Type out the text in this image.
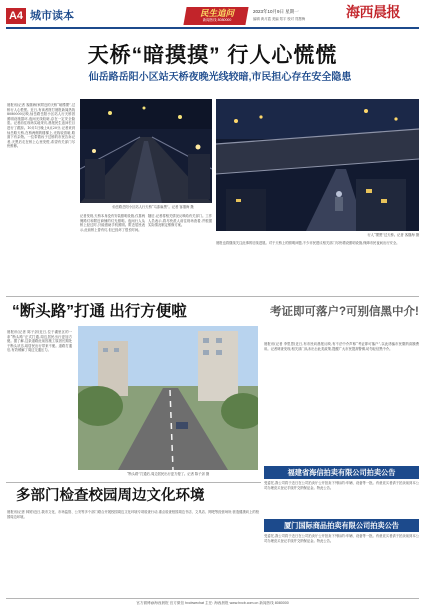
A4 城市读本	民生追问
新闻热线 8080000
2023年10月9日 星期一
编辑 黄月霞 美编 郑宇 校对 郑慧梅	海西晨报
天桥“暗摸摸” 行人心慌慌
仙岳路岳阳小区站天桥夜晚光线较暗,市民担心存在安全隐患
晨报讯(记者 客继海)家附近的天桥“暗摸摸”,过桥行人心慌慌。近日,有读者拨打晨报新闻热线8080000反映,仙岳路岳阳小区站人行天桥因照明设施损坏,夜间光线较暗,存在一定安全隐患。记者前往现场实地采访,晨报民生追问栏目进行了跟踪。10月1日晚上8点20分,记者来到仙岳路天桥,在桥两侧的楼梯上,光线较昏暗,路面下有杂物。一位带着孩子过桥的市民告诉记者,天黑后走在桥上心里发慌,希望有关部门尽快维修。
仙岳路岳阳小区站人行天桥“乌漆麻黑”。记者 客继海 摄
记者发现,天桥本身没有安装照明设施,仅靠两侧路灯和附近商铺的灯光照明。夜间行人从桥上经过时,只能借助手机照明。附近居民表示,此前桥上曾有灯,但已经坏了很长时间。
随后,记者将相关情况反映给有关部门。工作人员表示,将尽快派人前往现场查看,并根据实际情况制定维修方案。
行人“摸黑”过天桥。记者 客继海 摄
晨报也将继续关注此事的后续进展。对于天桥上的照明问题,不少市民建议相关部门尽快增设照明设施,保障市民夜间出行安全。
“断头路”打通 出行方便啦
晨报讯(记者 陈子剑)近日,位于湖里区的一条“断头路”正式打通,周边居民出行更加方便。据了解,这条道路此前因施工原因长期处于断头状态,给居民出行带来不便。道路打通后,有效缓解了周边交通压力。
“断头路”打通后,周边居民出行更方便了。记者 陈子剑 摄
考证即可落户?可别信黑中介!
晨报讯(记者 李思思)近日,有市民向晨报反映,有不法中介声称“考证即可落户”,以此诱骗市民缴纳高额费用。记者调查发现,相关部门从未出台此类政策,提醒广大市民提高警惕,切勿轻信黑中介。
多部门检查校园周边文化环境
晨报讯(记者 林婷)近日,我市文化、市场监管、公安等多个部门联合开展校园周边文化环境专项检查行动,重点检查校园周边书店、文具店、网吧等经营场所,营造健康向上的校园周边环境。
福建省海信拍卖有限公司拍卖公告
受委托,我公司将于近日在公司拍卖厅公开拍卖下列标的:车辆、设备等一批。有意竞买者请于拍卖前到本公司办理竞买登记手续并交纳保证金。特此公告。
厦门国际商品拍卖有限公司拍卖公告
受委托,我公司将于近日在公司拍卖厅公开拍卖下列标的:车辆、设备等一批。有意竞买者请于拍卖前到本公司办理竞买登记手续并交纳保证金。特此公告。
官方微博@海西晨报 官方微信 hxcbwechat 主任: 海西晨报 www.hxcb.com.cn 新闻热线 8080000
